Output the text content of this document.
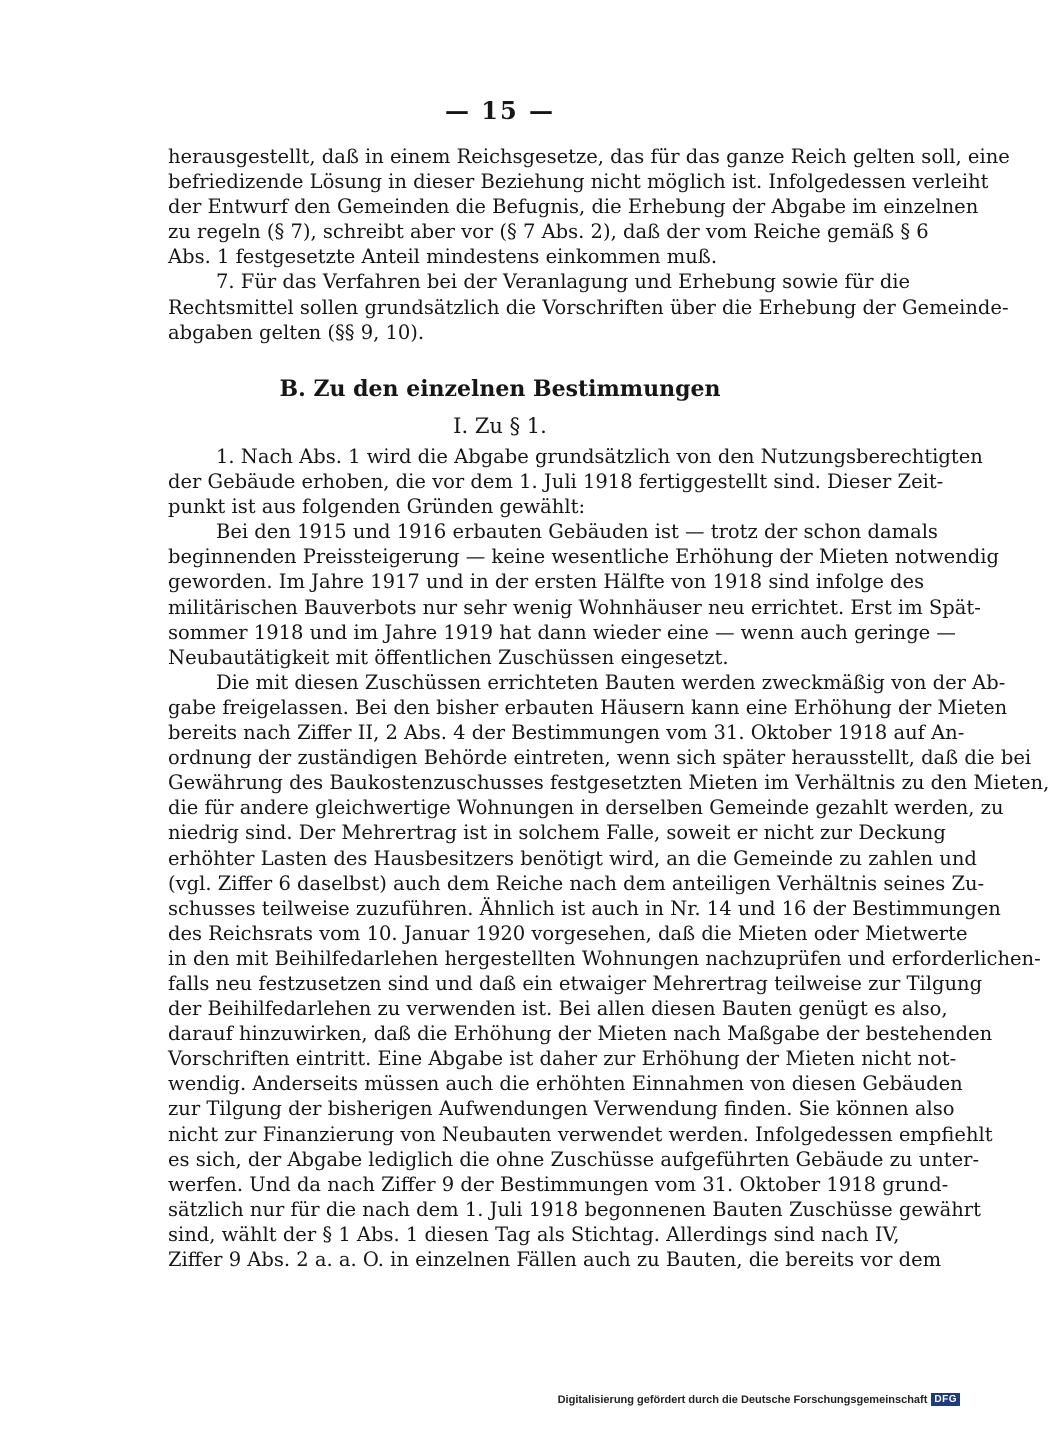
— 15 —
herausgestellt, daß in einem Reichsgesetze, das für das ganze Reich gelten soll, eine
befriedizende Lösung in dieser Beziehung nicht möglich ist. Infolgedessen verleiht
der Entwurf den Gemeinden die Befugnis, die Erhebung der Abgabe im einzelnen
zu regeln (§ 7), schreibt aber vor (§ 7 Abs. 2), daß der vom Reiche gemäß § 6
Abs. 1 festgesetzte Anteil mindestens einkommen muß.
7. Für das Verfahren bei der Veranlagung und Erhebung sowie für die
Rechtsmittel sollen grundsätzlich die Vorschriften über die Erhebung der Gemeinde-
abgaben gelten (§§ 9, 10).
B. Zu den einzelnen Bestimmungen
I. Zu § 1.
1. Nach Abs. 1 wird die Abgabe grundsätzlich von den Nutzungsberechtigten
der Gebäude erhoben, die vor dem 1. Juli 1918 fertiggestellt sind. Dieser Zeit-
punkt ist aus folgenden Gründen gewählt:
Bei den 1915 und 1916 erbauten Gebäuden ist — trotz der schon damals
beginnenden Preissteigerung — keine wesentliche Erhöhung der Mieten notwendig
geworden. Im Jahre 1917 und in der ersten Hälfte von 1918 sind infolge des
militärischen Bauverbots nur sehr wenig Wohnhäuser neu errichtet. Erst im Spät-
sommer 1918 und im Jahre 1919 hat dann wieder eine — wenn auch geringe —
Neubautätigkeit mit öffentlichen Zuschüssen eingesetzt.
Die mit diesen Zuschüssen errichteten Bauten werden zweckmäßig von der Ab-
gabe freigelassen. Bei den bisher erbauten Häusern kann eine Erhöhung der Mieten
bereits nach Ziffer II, 2 Abs. 4 der Bestimmungen vom 31. Oktober 1918 auf An-
ordnung der zuständigen Behörde eintreten, wenn sich später herausstellt, daß die bei
Gewährung des Baukostenzuschusses festgesetzten Mieten im Verhältnis zu den Mieten,
die für andere gleichwertige Wohnungen in derselben Gemeinde gezahlt werden, zu
niedrig sind. Der Mehrertrag ist in solchem Falle, soweit er nicht zur Deckung
erhöhter Lasten des Hausbesitzers benötigt wird, an die Gemeinde zu zahlen und
(vgl. Ziffer 6 daselbst) auch dem Reiche nach dem anteiligen Verhältnis seines Zu-
schusses teilweise zuzuführen. Ähnlich ist auch in Nr. 14 und 16 der Bestimmungen
des Reichsrats vom 10. Januar 1920 vorgesehen, daß die Mieten oder Mietwerte
in den mit Beihilfedarlehen hergestellten Wohnungen nachzuprüfen und erforderlichen-
falls neu festzusetzen sind und daß ein etwaiger Mehrertrag teilweise zur Tilgung
der Beihilfedarlehen zu verwenden ist. Bei allen diesen Bauten genügt es also,
darauf hinzuwirken, daß die Erhöhung der Mieten nach Maßgabe der bestehenden
Vorschriften eintritt. Eine Abgabe ist daher zur Erhöhung der Mieten nicht not-
wendig. Anderseits müssen auch die erhöhten Einnahmen von diesen Gebäuden
zur Tilgung der bisherigen Aufwendungen Verwendung finden. Sie können also
nicht zur Finanzierung von Neubauten verwendet werden. Infolgedessen empfiehlt
es sich, der Abgabe lediglich die ohne Zuschüsse aufgeführten Gebäude zu unter-
werfen. Und da nach Ziffer 9 der Bestimmungen vom 31. Oktober 1918 grund-
sätzlich nur für die nach dem 1. Juli 1918 begonnenen Bauten Zuschüsse gewährt
sind, wählt der § 1 Abs. 1 diesen Tag als Stichtag. Allerdings sind nach IV,
Ziffer 9 Abs. 2 a. a. O. in einzelnen Fällen auch zu Bauten, die bereits vor dem
Digitalisierung gefördert durch die Deutsche Forschungsgemeinschaft DFG
